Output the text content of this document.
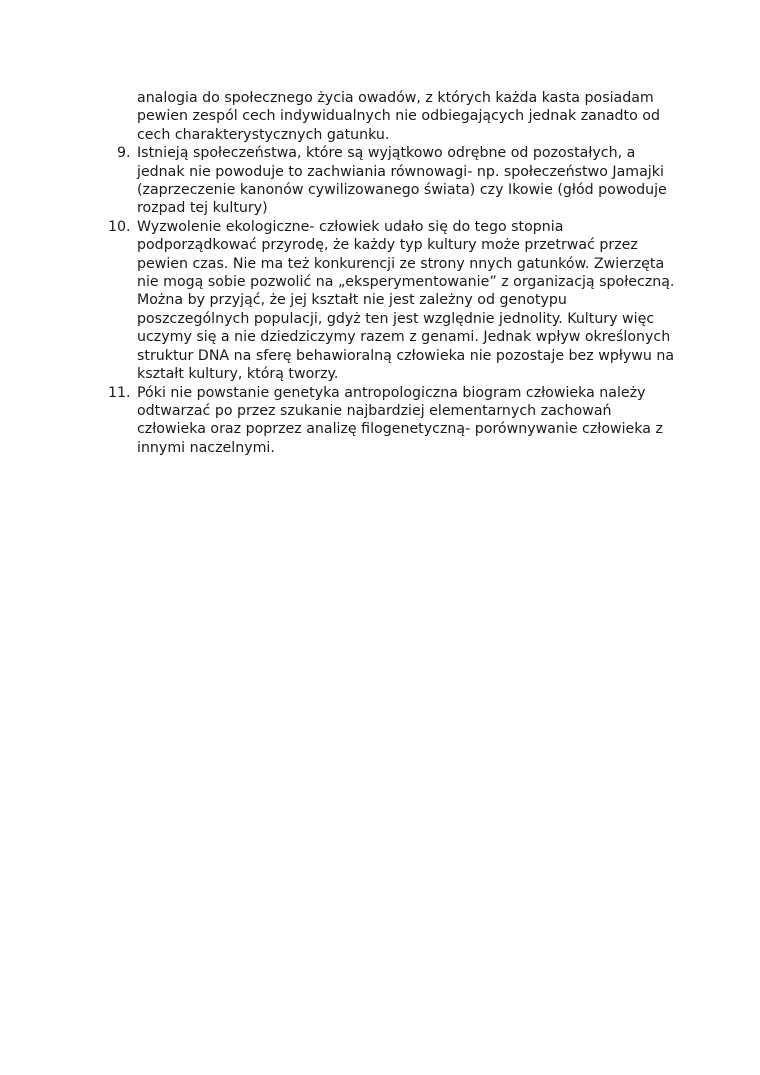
analogia do społecznego życia owadów, z których każda kasta posiadam
pewien zespól cech indywidualnych nie odbiegających jednak zanadto od
cech charakterystycznych gatunku.
9. Istnieją społeczeństwa, które są wyjątkowo odrębne od pozostałych, a
jednak nie powoduje to zachwiania równowagi- np. społeczeństwo Jamajki
(zaprzeczenie kanonów cywilizowanego świata) czy Ikowie (głód powoduje
rozpad tej kultury)
10. Wyzwolenie ekologiczne- człowiek udało się do tego stopnia
podporządkować przyrodę, że każdy typ kultury może przetrwać przez
pewien czas. Nie ma też konkurencji ze strony nnych gatunków. Zwierzęta
nie mogą sobie pozwolić na „eksperymentowanie” z organizacją społeczną.
Można by przyjąć, że jej kształt nie jest zależny od genotypu
poszczególnych populacji, gdyż ten jest względnie jednolity. Kultury więc
uczymy się a nie dziedziczymy razem z genami. Jednak wpływ określonych
struktur DNA na sferę behawioralną człowieka nie pozostaje bez wpływu na
kształt kultury, którą tworzy.
11. Póki nie powstanie genetyka antropologiczna biogram człowieka należy
odtwarzać po przez szukanie najbardziej elementarnych zachowań
człowieka oraz poprzez analizę filogenetyczną- porównywanie człowieka z
innymi naczelnymi.
